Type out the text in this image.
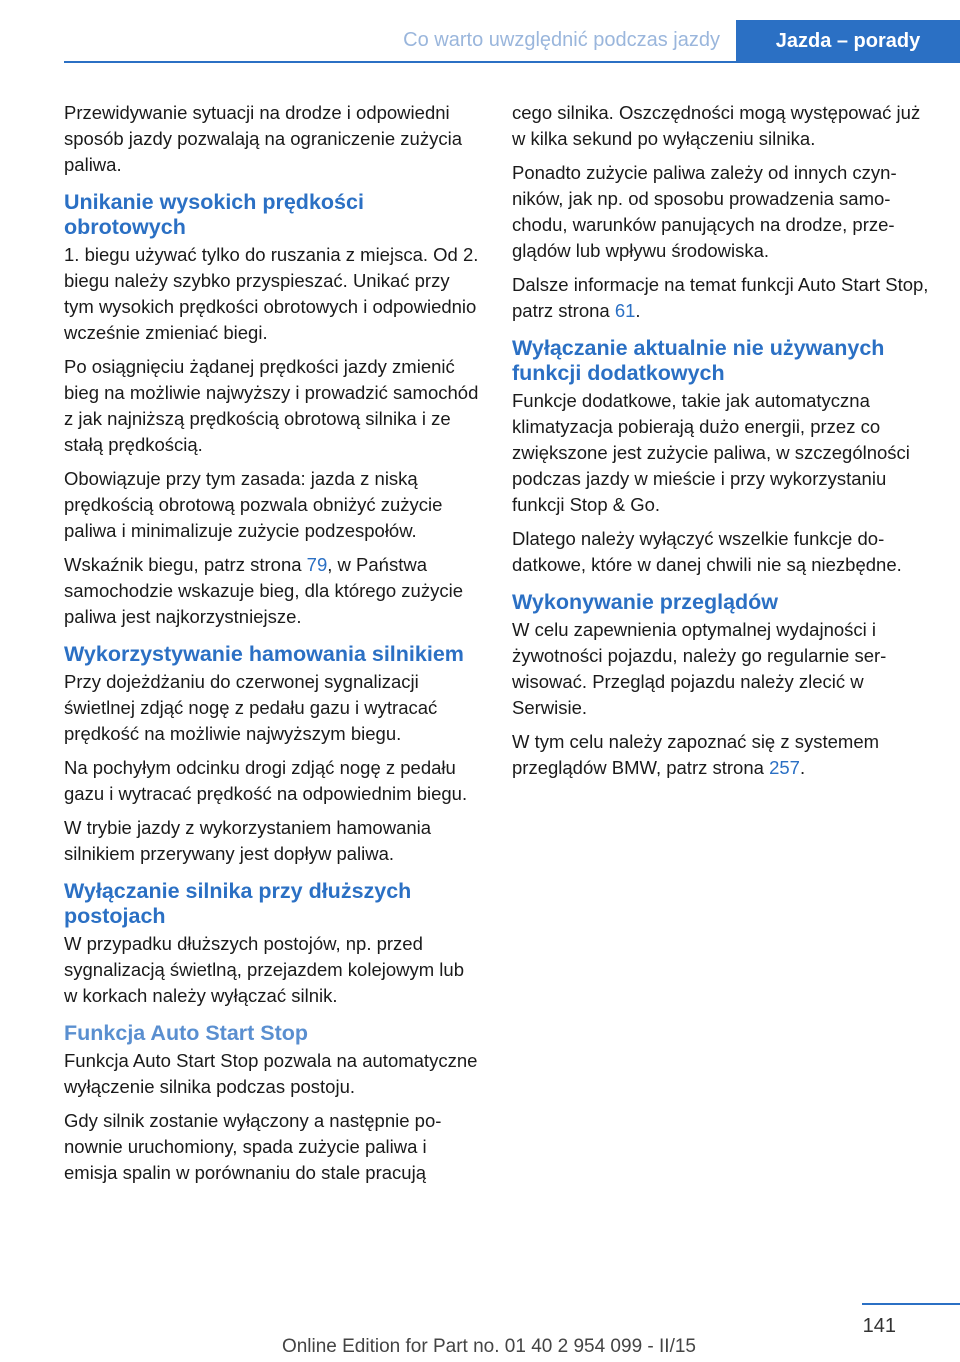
Co warto uwzględnić podczas jazdy	Jazda – porady

Przewidywanie sytuacji na drodze i odpowiedni sposób jazdy pozwalają na ograniczenie zużycia paliwa.

Unikanie wysokich prędkości obrotowych

1. biegu używać tylko do ruszania z miejsca. Od 2. biegu należy szybko przyspieszać. Unikać przy tym wysokich prędkości obrotowych i odpowiednio wcześnie zmieniać biegi.

Po osiągnięciu żądanej prędkości jazdy zmienić bieg na możliwie najwyższy i prowadzić samochód z jak najniższą prędkością obrotową silnika i ze stałą prędkością.

Obowiązuje przy tym zasada: jazda z niską prędkością obrotową pozwala obniżyć zużycie paliwa i minimalizuje zużycie podzespołów.

Wskaźnik biegu, patrz strona 79, w Państwa samochodzie wskazuje bieg, dla którego zużycie paliwa jest najkorzystniejsze.

Wykorzystywanie hamowania silnikiem

Przy dojeżdżaniu do czerwonej sygnalizacji świetlnej zdjąć nogę z pedału gazu i wytracać prędkość na możliwie najwyższym biegu.

Na pochyłym odcinku drogi zdjąć nogę z pedału gazu i wytracać prędkość na odpowiednim biegu.

W trybie jazdy z wykorzystaniem hamowania silnikiem przerywany jest dopływ paliwa.

Wyłączanie silnika przy dłuższych postojach

W przypadku dłuższych postojów, np. przed sygnalizacją świetlną, przejazdem kolejowym lub w korkach należy wyłączać silnik.

Funkcja Auto Start Stop

Funkcja Auto Start Stop pozwala na automatyczne wyłączenie silnika podczas postoju.

Gdy silnik zostanie wyłączony a następnie ponownie uruchomiony, spada zużycie paliwa i emisja spalin w porównaniu do stale pracują

cego silnika. Oszczędności mogą występować już w kilka sekund po wyłączeniu silnika.

Ponadto zużycie paliwa zależy od innych czynników, jak np. od sposobu prowadzenia samochodu, warunków panujących na drodze, przeglądów lub wpływu środowiska.

Dalsze informacje na temat funkcji Auto Start Stop, patrz strona 61.

Wyłączanie aktualnie nie używanych funkcji dodatkowych

Funkcje dodatkowe, takie jak automatyczna klimatyzacja pobierają dużo energii, przez co zwiększone jest zużycie paliwa, w szczególności podczas jazdy w mieście i przy wykorzystaniu funkcji Stop & Go.

Dlatego należy wyłączyć wszelkie funkcje dodatkowe, które w danej chwili nie są niezbędne.

Wykonywanie przeglądów

W celu zapewnienia optymalnej wydajności i żywotności pojazdu, należy go regularnie serwisować. Przegląd pojazdu należy zlecić w Serwisie.

W tym celu należy zapoznać się z systemem przeglądów BMW, patrz strona 257.

141
Online Edition for Part no. 01 40 2 954 099 - II/15
